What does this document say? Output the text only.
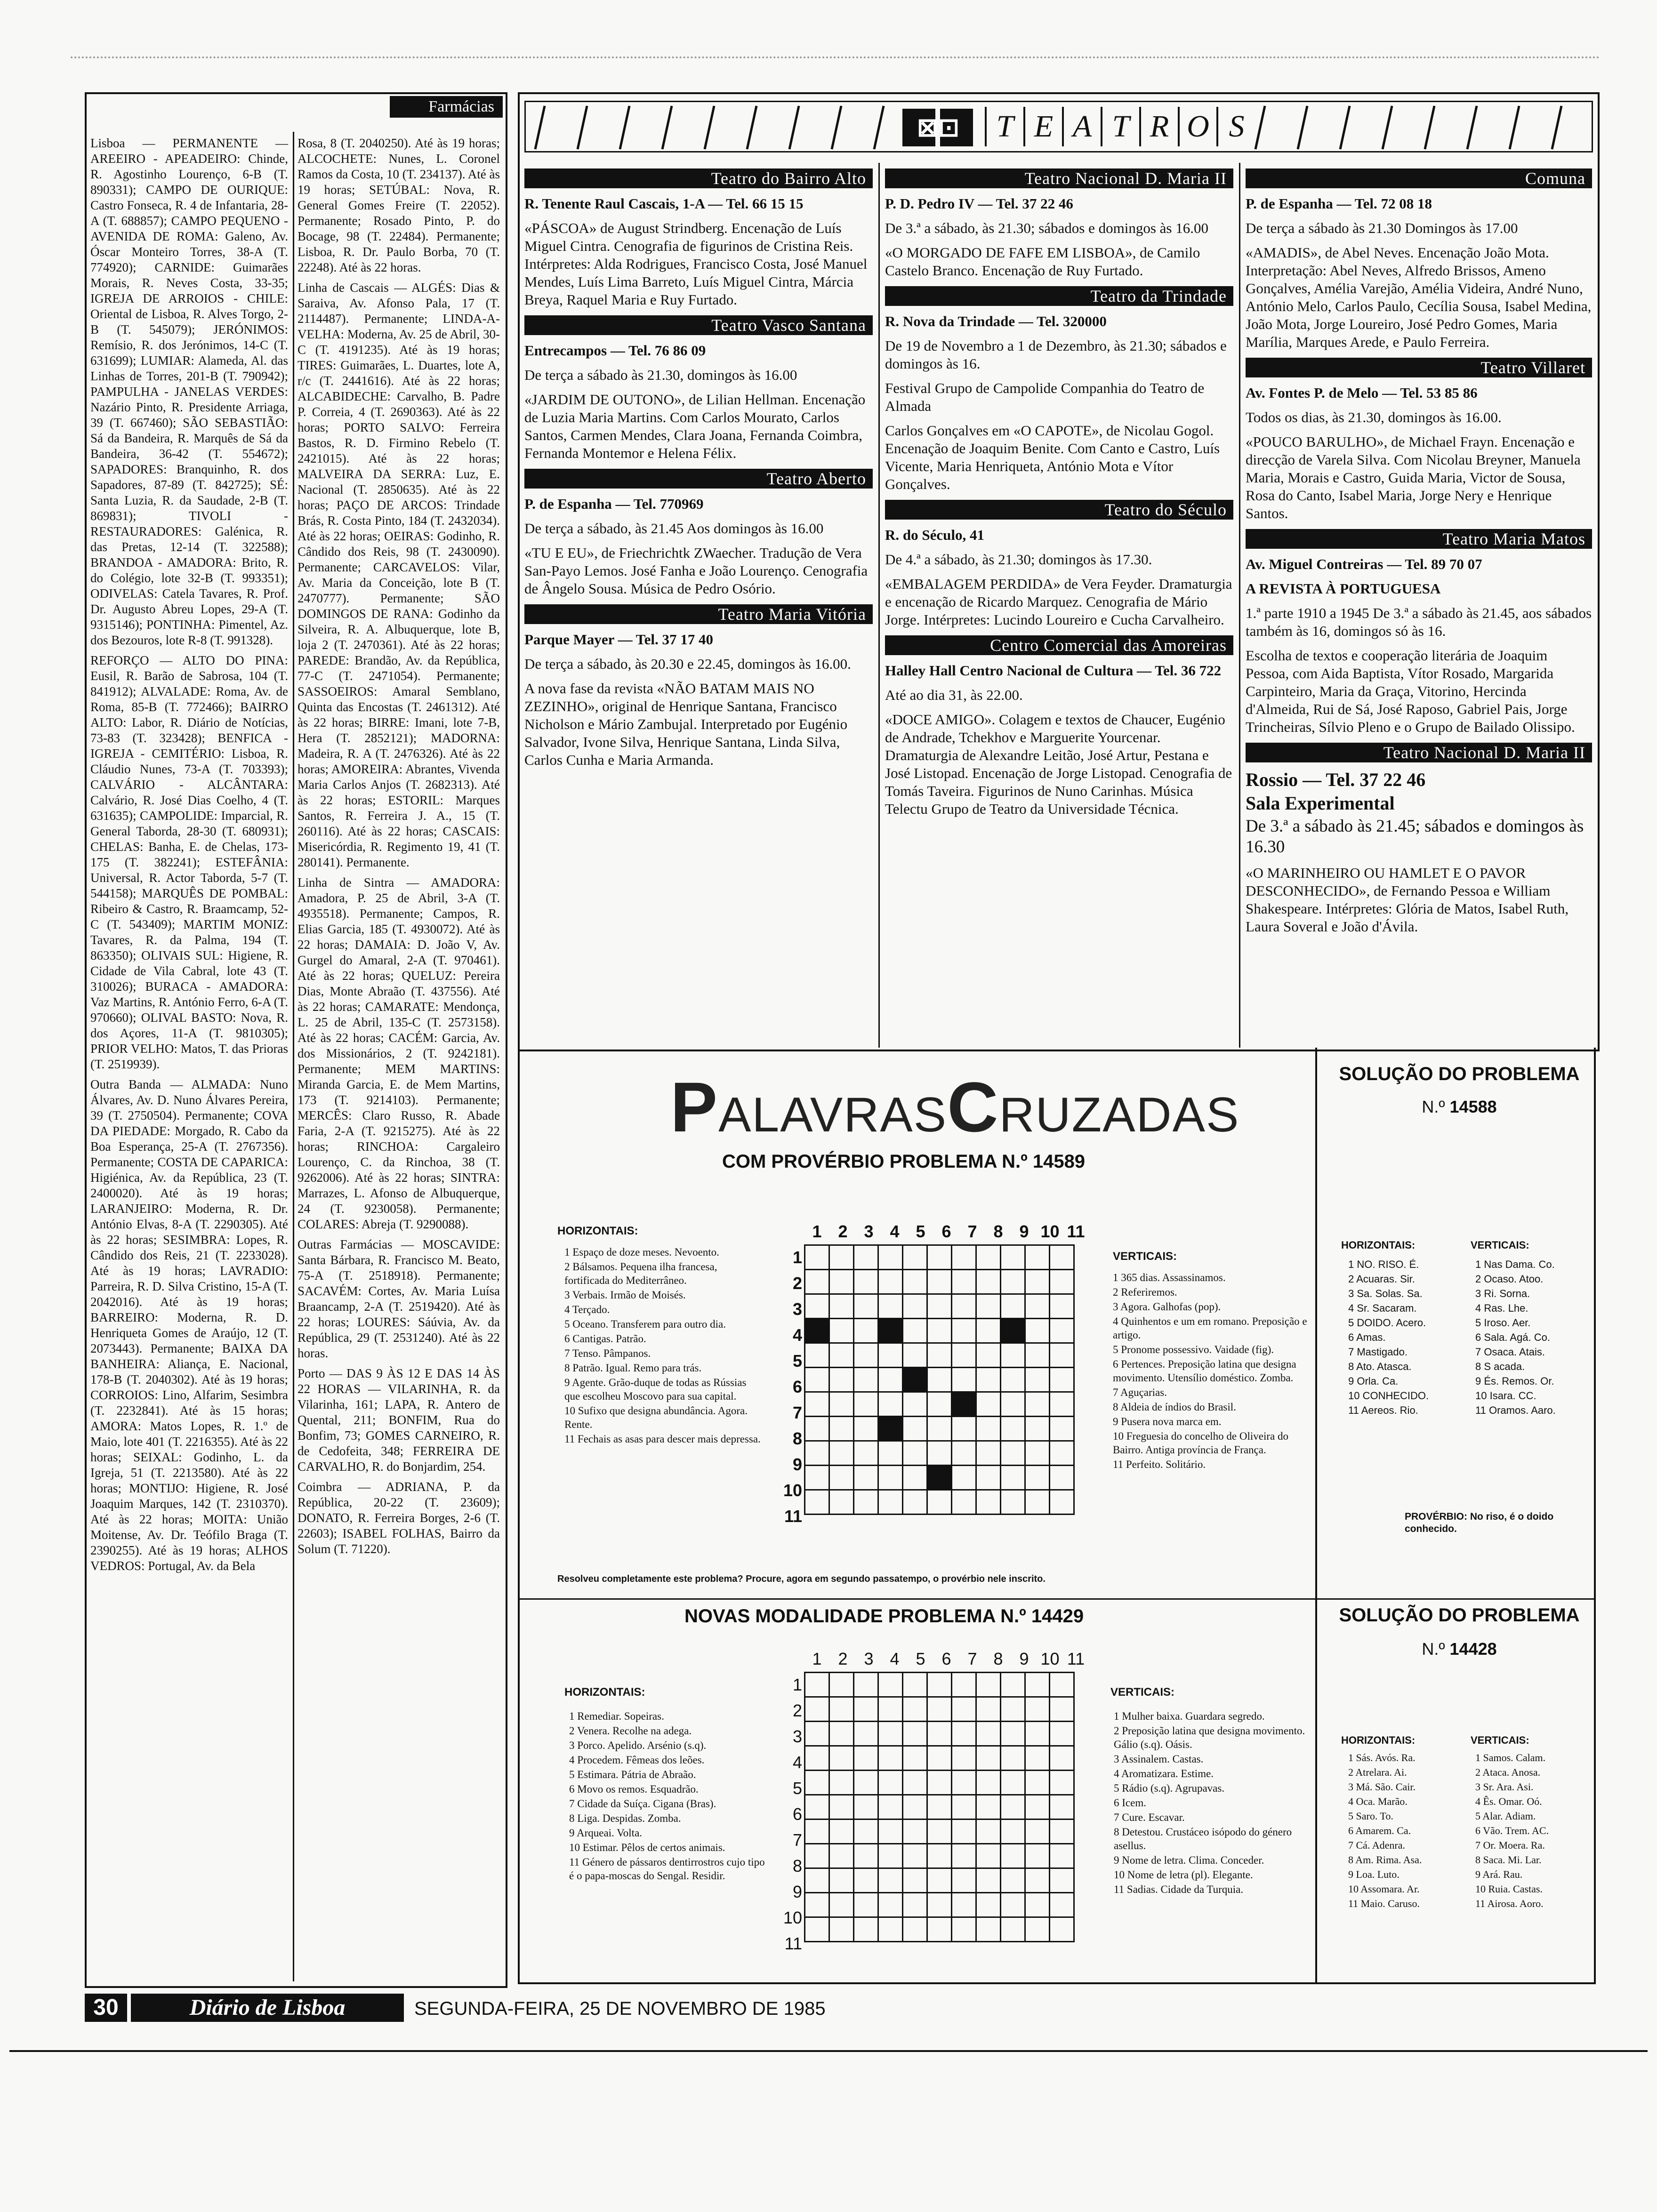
Farmácias

Lisboa — PERMANENTE — AREEIRO - APEADEIRO: Chinde, R. Agostinho Lourenço, 6-B (T. 890331); CAMPO DE OURIQUE: Castro Fonseca, R. 4 de Infantaria, 28-A (T. 688857); CAMPO PEQUENO - AVENIDA DE ROMA: Galeno, Av. Óscar Monteiro Torres, 38-A (T. 774920); CARNIDE: Guimarães Morais, R. Neves Costa, 33-35; IGREJA DE ARROIOS - CHILE: Oriental de Lisboa, R. Alves Torgo, 2-B (T. 545079); JERÓNIMOS: Remísio, R. dos Jerónimos, 14-C (T. 631699); LUMIAR: Alameda, Al. das Linhas de Torres, 201-B (T. 790942); PAMPULHA - JANELAS VERDES: Nazário Pinto, R. Presidente Arriaga, 39 (T. 667460); SÃO SEBASTIÃO: Sá da Bandeira, R. Marquês de Sá da Bandeira, 36-42 (T. 554672); SAPADORES: Branquinho, R. dos Sapadores, 87-89 (T. 842725); SÉ: Santa Luzia, R. da Saudade, 2-B (T. 869831); TIVOLI - RESTAURADORES: Galénica, R. das Pretas, 12-14 (T. 322588); BRANDOA - AMADORA: Brito, R. do Colégio, lote 32-B (T. 993351); ODIVELAS: Catela Tavares, R. Prof. Dr. Augusto Abreu Lopes, 29-A (T. 9315146); PONTINHA: Pimentel, Az. dos Bezouros, lote R-8 (T. 991328).

REFORÇO — ALTO DO PINA: Eusil, R. Barão de Sabrosa, 104 (T. 841912); ALVALADE: Roma, Av. de Roma, 85-B (T. 772466); BAIRRO ALTO: Labor, R. Diário de Notícias, 73-83 (T. 323428); BENFICA - IGREJA - CEMITÉRIO: Lisboa, R. Cláudio Nunes, 73-A (T. 703393); CALVÁRIO - ALCÂNTARA: Calvário, R. José Dias Coelho, 4 (T. 631635); CAMPOLIDE: Imparcial, R. General Taborda, 28-30 (T. 680931); CHELAS: Banha, E. de Chelas, 173-175 (T. 382241); ESTEFÂNIA: Universal, R. Actor Taborda, 5-7 (T. 544158); MARQUÊS DE POMBAL: Ribeiro & Castro, R. Braamcamp, 52-C (T. 543409); MARTIM MONIZ: Tavares, R. da Palma, 194 (T. 863350); OLIVAIS SUL: Higiene, R. Cidade de Vila Cabral, lote 43 (T. 310026); BURACA - AMADORA: Vaz Martins, R. António Ferro, 6-A (T. 970660); OLIVAL BASTO: Nova, R. dos Açores, 11-A (T. 9810305); PRIOR VELHO: Matos, T. das Prioras (T. 2519939).

Outra Banda — ALMADA: Nuno Álvares, Av. D. Nuno Álvares Pereira, 39 (T. 2750504). Permanente; COVA DA PIEDADE: Morgado, R. Cabo da Boa Esperança, 25-A (T. 2767356). Permanente; COSTA DE CAPARICA: Higiénica, Av. da República, 23 (T. 2400020). Até às 19 horas; LARANJEIRO: Moderna, R. Dr. António Elvas, 8-A (T. 2290305). Até às 22 horas; SESIMBRA: Lopes, R. Cândido dos Reis, 21 (T. 2233028). Até às 19 horas; LAVRADIO: Parreira, R. D. Silva Cristino, 15-A (T. 2042016). Até às 19 horas; BARREIRO: Moderna, R. D. Henriqueta Gomes de Araújo, 12 (T. 2073443). Permanente; BAIXA DA BANHEIRA: Aliança, E. Nacional, 178-B (T. 2040302). Até às 19 horas; CORROIOS: Lino, Alfarim, Sesimbra (T. 2232841). Até às 15 horas; AMORA: Matos Lopes, R. 1.º de Maio, lote 401 (T. 2216355). Até às 22 horas; SEIXAL: Godinho, L. da Igreja, 51 (T. 2213580). Até às 22 horas; MONTIJO: Higiene, R. José Joaquim Marques, 142 (T. 2310370). Até às 22 horas; MOITA: União Moitense, Av. Dr. Teófilo Braga (T. 2390255). Até às 19 horas; ALHOS VEDROS: Portugal, Av. da Bela

Rosa, 8 (T. 2040250). Até às 19 horas; ALCOCHETE: Nunes, L. Coronel Ramos da Costa, 10 (T. 234137). Até às 19 horas; SETÚBAL: Nova, R. General Gomes Freire (T. 22052). Permanente; Rosado Pinto, P. do Bocage, 98 (T. 22484). Permanente; Lisboa, R. Dr. Paulo Borba, 70 (T. 22248). Até às 22 horas.

Linha de Cascais — ALGÉS: Dias & Saraiva, Av. Afonso Pala, 17 (T. 2114487). Permanente; LINDA-A-VELHA: Moderna, Av. 25 de Abril, 30-C (T. 4191235). Até às 19 horas; TIRES: Guimarães, L. Duartes, lote A, r/c (T. 2441616). Até às 22 horas; ALCABIDECHE: Carvalho, B. Padre P. Correia, 4 (T. 2690363). Até às 22 horas; PORTO SALVO: Ferreira Bastos, R. D. Firmino Rebelo (T. 2421015). Até às 22 horas; MALVEIRA DA SERRA: Luz, E. Nacional (T. 2850635). Até às 22 horas; PAÇO DE ARCOS: Trindade Brás, R. Costa Pinto, 184 (T. 2432034). Até às 22 horas; OEIRAS: Godinho, R. Cândido dos Reis, 98 (T. 2430090). Permanente; CARCAVELOS: Vilar, Av. Maria da Conceição, lote B (T. 2470777). Permanente; SÃO DOMINGOS DE RANA: Godinho da Silveira, R. A. Albuquerque, lote B, loja 2 (T. 2470361). Até às 22 horas; PAREDE: Brandão, Av. da República, 77-C (T. 2471054). Permanente; SASSOEIROS: Amaral Semblano, Quinta das Encostas (T. 2461312). Até às 22 horas; BIRRE: Imani, lote 7-B, Hera (T. 2852121); MADORNA: Madeira, R. A (T. 2476326). Até às 22 horas; AMOREIRA: Abrantes, Vivenda Maria Carlos Anjos (T. 2682313). Até às 22 horas; ESTORIL: Marques Santos, R. Ferreira J. A., 15 (T. 260116). Até às 22 horas; CASCAIS: Misericórdia, R. Regimento 19, 41 (T. 280141). Permanente.

Linha de Sintra — AMADORA: Amadora, P. 25 de Abril, 3-A (T. 4935518). Permanente; Campos, R. Elias Garcia, 185 (T. 4930072). Até às 22 horas; DAMAIA: D. João V, Av. Gurgel do Amaral, 2-A (T. 970461). Até às 22 horas; QUELUZ: Pereira Dias, Monte Abraão (T. 437556). Até às 22 horas; CAMARATE: Mendonça, L. 25 de Abril, 135-C (T. 2573158). Até às 22 horas; CACÉM: Garcia, Av. dos Missionários, 2 (T. 9242181). Permanente; MEM MARTINS: Miranda Garcia, E. de Mem Martins, 173 (T. 9214103). Permanente; MERCÊS: Claro Russo, R. Abade Faria, 2-A (T. 9215275). Até às 22 horas; RINCHOA: Cargaleiro Lourenço, C. da Rinchoa, 38 (T. 9262006). Até às 22 horas; SINTRA: Marrazes, L. Afonso de Albuquerque, 24 (T. 9230058). Permanente; COLARES: Abreja (T. 9290088).

Outras Farmácias — MOSCAVIDE: Santa Bárbara, R. Francisco M. Beato, 75-A (T. 2518918). Permanente; SACAVÉM: Cortes, Av. Maria Luísa Braancamp, 2-A (T. 2519420). Até às 22 horas; LOURES: Sáúvia, Av. da República, 29 (T. 2531240). Até às 22 horas.

Porto — DAS 9 ÀS 12 E DAS 14 ÀS 22 HORAS — VILARINHA, R. da Vilarinha, 161; LAPA, R. Antero de Quental, 211; BONFIM, Rua do Bonfim, 73; GOMES CARNEIRO, R. de Cedofeita, 348; FERREIRA DE CARVALHO, R. do Bonjardim, 254.

Coimbra — ADRIANA, P. da República, 20-22 (T. 23609); DONATO, R. Ferreira Borges, 2-6 (T. 22603); ISABEL FOLHAS, Bairro da Solum (T. 71220).

⊠⊡	T E A T R O S
Teatro do Bairro Alto

R. Tenente Raul Cascais, 1-A — Tel. 66 15 15

«PÁSCOA» de August Strindberg. Encenação de Luís Miguel Cintra. Cenografia de figurinos de Cristina Reis. Intérpretes: Alda Rodrigues, Francisco Costa, José Manuel Mendes, Luís Lima Barreto, Luís Miguel Cintra, Márcia Breya, Raquel Maria e Ruy Furtado.

Teatro Vasco Santana

Entrecampos — Tel. 76 86 09

De terça a sábado às 21.30, domingos às 16.00

«JARDIM DE OUTONO», de Lilian Hellman. Encenação de Luzia Maria Martins. Com Carlos Mourato, Carlos Santos, Carmen Mendes, Clara Joana, Fernanda Coimbra, Fernanda Montemor e Helena Félix.

Teatro Aberto

P. de Espanha — Tel. 770969

De terça a sábado, às 21.45 Aos domingos às 16.00

«TU E EU», de Friechrichtk ZWaecher. Tradução de Vera San-Payo Lemos. José Fanha e João Lourenço. Cenografia de Ângelo Sousa. Música de Pedro Osório.

Teatro Maria Vitória

Parque Mayer — Tel. 37 17 40

De terça a sábado, às 20.30 e 22.45, domingos às 16.00.

A nova fase da revista «NÃO BATAM MAIS NO ZEZINHO», original de Henrique Santana, Francisco Nicholson e Mário Zambujal. Interpretado por Eugénio Salvador, Ivone Silva, Henrique Santana, Linda Silva, Carlos Cunha e Maria Armanda.

Teatro Nacional D. Maria II

P. D. Pedro IV — Tel. 37 22 46

De 3.ª a sábado, às 21.30; sábados e domingos às 16.00

«O MORGADO DE FAFE EM LISBOA», de Camilo Castelo Branco. Encenação de Ruy Furtado.

Teatro da Trindade

R. Nova da Trindade — Tel. 320000

De 19 de Novembro a 1 de Dezembro, às 21.30; sábados e domingos às 16.

Festival Grupo de Campolide Companhia do Teatro de Almada

Carlos Gonçalves em «O CAPOTE», de Nicolau Gogol. Encenação de Joaquim Benite. Com Canto e Castro, Luís Vicente, Maria Henriqueta, António Mota e Vítor Gonçalves.

Teatro do Século

R. do Século, 41

De 4.ª a sábado, às 21.30; domingos às 17.30.

«EMBALAGEM PERDIDA» de Vera Feyder. Dramaturgia e encenação de Ricardo Marquez. Cenografia de Mário Jorge. Intérpretes: Lucindo Loureiro e Cucha Carvalheiro.

Centro Comercial das Amoreiras

Halley Hall Centro Nacional de Cultura — Tel. 36 722

Até ao dia 31, às 22.00.

«DOCE AMIGO». Colagem e textos de Chaucer, Eugénio de Andrade, Tchekhov e Marguerite Yourcenar. Dramaturgia de Alexandre Leitão, José Artur, Pestana e José Listopad. Encenação de Jorge Listopad. Cenografia de Tomás Taveira. Figurinos de Nuno Carinhas. Música Telectu Grupo de Teatro da Universidade Técnica.

Comuna

P. de Espanha — Tel. 72 08 18

De terça a sábado às 21.30 Domingos às 17.00

«AMADIS», de Abel Neves. Encenação João Mota. Interpretação: Abel Neves, Alfredo Brissos, Ameno Gonçalves, Amélia Varejão, Amélia Videira, André Nuno, António Melo, Carlos Paulo, Cecília Sousa, Isabel Medina, João Mota, Jorge Loureiro, José Pedro Gomes, Maria Marília, Marques Arede, e Paulo Ferreira.

Teatro Villaret

Av. Fontes P. de Melo — Tel. 53 85 86

Todos os dias, às 21.30, domingos às 16.00.

«POUCO BARULHO», de Michael Frayn. Encenação e direcção de Varela Silva. Com Nicolau Breyner, Manuela Maria, Morais e Castro, Guida Maria, Victor de Sousa, Rosa do Canto, Isabel Maria, Jorge Nery e Henrique Santos.

Teatro Maria Matos

Av. Miguel Contreiras — Tel. 89 70 07

A REVISTA À PORTUGUESA

1.ª parte 1910 a 1945 De 3.ª a sábado às 21.45, aos sábados também às 16, domingos só às 16.

Escolha de textos e cooperação literária de Joaquim Pessoa, com Aida Baptista, Vítor Rosado, Margarida Carpinteiro, Maria da Graça, Vitorino, Hercinda d'Almeida, Rui de Sá, José Raposo, Gabriel Pais, Jorge Trincheiras, Sílvio Pleno e o Grupo de Bailado Olissipo.

Teatro Nacional D. Maria II

Rossio — Tel. 37 22 46

Sala Experimental

De 3.ª a sábado às 21.45; sábados e domingos às 16.30

«O MARINHEIRO OU HAMLET E O PAVOR DESCONHECIDO», de Fernando Pessoa e William Shakespeare. Intérpretes: Glória de Matos, Isabel Ruth, Laura Soveral e João d'Ávila.

PALAVRASCRUZADAS
COM PROVÉRBIO PROBLEMA N.º 14589
HORIZONTAIS:
1 Espaço de doze meses. Nevoento.
2 Bálsamos. Pequena ilha francesa, fortificada do Mediterrâneo.
3 Verbais. Irmão de Moisés.
4 Terçado.
5 Oceano. Transferem para outro dia.
6 Cantigas. Patrão.
7 Tenso. Pâmpanos.
8 Patrão. Igual. Remo para trás.
9 Agente. Grão-duque de todas as Rússias que escolheu Moscovo para sua capital.
10 Sufixo que designa abundância. Agora. Rente.
11 Fechais as asas para descer mais depressa.
1 2 3 4 5 6 7 8 9 10 11
1
2
3
4
5
6
7
8
9
10
11

VERTICAIS:
1 365 dias. Assassinamos.
2 Referiremos.
3 Agora. Galhofas (pop).
4 Quinhentos e um em romano. Preposição e artigo.
5 Pronome possessivo. Vaidade (fig).
6 Pertences. Preposição latina que designa movimento. Utensílio doméstico. Zomba.
7 Aguçarias.
8 Aldeia de índios do Brasil.
9 Pusera nova marca em.
10 Freguesia do concelho de Oliveira do Bairro. Antiga província de França.
11 Perfeito. Solitário.
Resolveu completamente este problema? Procure, agora em segundo passatempo, o provérbio nele inscrito.
SOLUÇÃO DO PROBLEMA
N.º 14588
HORIZONTAIS:	VERTICAIS:
1 NO. RISO. É.
2 Acuaras. Sir.
3 Sa. Solas. Sa.
4 Sr. Sacaram.
5 DOIDO. Acero.
6 Amas.
7 Mastigado.
8 Ato. Atasca.
9 Orla. Ca.
10 CONHECIDO.
11 Aereos. Rio.
1 Nas Dama. Co.
2 Ocaso. Atoo.
3 Ri. Sorna.
4 Ras. Lhe.
5 Iroso. Aer.
6 Sala. Agá. Co.
7 Osaca. Atais.
8 S acada.
9 És. Remos. Or.
10 Isara. CC.
11 Oramos. Aaro.
PROVÉRBIO: No riso, é o doido conhecido.
NOVAS MODALIDADE PROBLEMA N.º 14429
HORIZONTAIS:
1 Remediar. Sopeiras.
2 Venera. Recolhe na adega.
3 Porco. Apelido. Arsénio (s.q).
4 Procedem. Fêmeas dos leões.
5 Estimara. Pátria de Abraão.
6 Movo os remos. Esquadrão.
7 Cidade da Suíça. Cigana (Bras).
8 Liga. Despidas. Zomba.
9 Arqueai. Volta.
10 Estimar. Pêlos de certos animais.
11 Género de pássaros dentirrostros cujo tipo é o papa-moscas do Sengal. Residir.
1 2 3 4 5 6 7 8 9 10 11
1
2
3
4
5
6
7
8
9
10
11

VERTICAIS:
1 Mulher baixa. Guardara segredo.
2 Preposição latina que designa movimento. Gálio (s.q). Oásis.
3 Assinalem. Castas.
4 Aromatizara. Estime.
5 Rádio (s.q). Agrupavas.
6 Icem.
7 Cure. Escavar.
8 Detestou. Crustáceo isópodo do género asellus.
9 Nome de letra. Clima. Conceder.
10 Nome de letra (pl). Elegante.
11 Sadias. Cidade da Turquia.
SOLUÇÃO DO PROBLEMA
N.º 14428
HORIZONTAIS:	VERTICAIS:
1 Sás. Avós. Ra.
2 Atrelara. Ai.
3 Má. São. Cair.
4 Oca. Marão.
5 Saro. To.
6 Amarem. Ca.
7 Cá. Adenra.
8 Am. Rima. Asa.
9 Loa. Luto.
10 Assomara. Ar.
11 Maio. Caruso.
1 Samos. Calam.
2 Ataca. Anosa.
3 Sr. Ara. Asi.
4 Ês. Omar. Oó.
5 Alar. Adiam.
6 Vão. Trem. AC.
7 Or. Moera. Ra.
8 Saca. Mi. Lar.
9 Ará. Rau.
10 Ruia. Castas.
11 Airosa. Aoro.
30	Diário de Lisboa	SEGUNDA-FEIRA, 25 DE NOVEMBRO DE 1985
